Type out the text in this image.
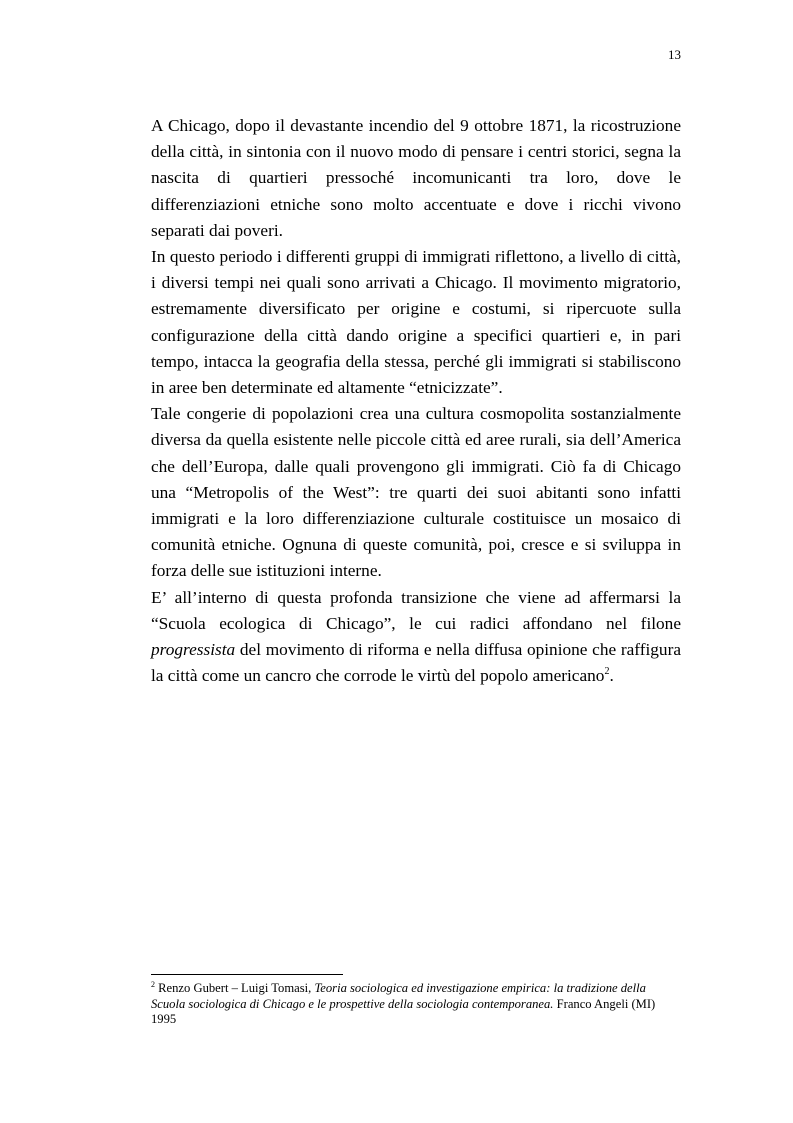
13

A Chicago, dopo il devastante incendio del 9 ottobre 1871, la ricostruzione della città, in sintonia con il nuovo modo di pensare i centri storici, segna la nascita di quartieri pressoché incomunicanti tra loro, dove le differenziazioni etniche sono molto accentuate e dove i ricchi vivono separati dai poveri.

In questo periodo i differenti gruppi di immigrati riflettono, a livello di città, i diversi tempi nei quali sono arrivati a Chicago. Il movimento migratorio, estremamente diversificato per origine e costumi, si ripercuote sulla configurazione della città dando origine a specifici quartieri e, in pari tempo, intacca la geografia della stessa, perché gli immigrati si stabiliscono in aree ben determinate ed altamente “etnicizzate”.

Tale congerie di popolazioni crea una cultura cosmopolita sostanzialmente diversa da quella esistente nelle piccole città ed aree rurali, sia dell’America che dell’Europa, dalle quali provengono gli immigrati. Ciò fa di Chicago una “Metropolis of the West”: tre quarti dei suoi abitanti sono infatti immigrati e la loro differenziazione culturale costituisce un mosaico di comunità etniche. Ognuna di queste comunità, poi, cresce e si sviluppa in forza delle sue istituzioni interne.

E’ all’interno di questa profonda transizione che viene ad affermarsi la “Scuola ecologica di Chicago”, le cui radici affondano nel filone progressista del movimento di riforma e nella diffusa opinione che raffigura la città come un cancro che corrode le virtù del popolo americano$^2$.

$^2$ Renzo Gubert – Luigi Tomasi, Teoria sociologica ed investigazione empirica: la tradizione della Scuola sociologica di Chicago e le prospettive della sociologia contemporanea. Franco Angeli (MI) 1995
